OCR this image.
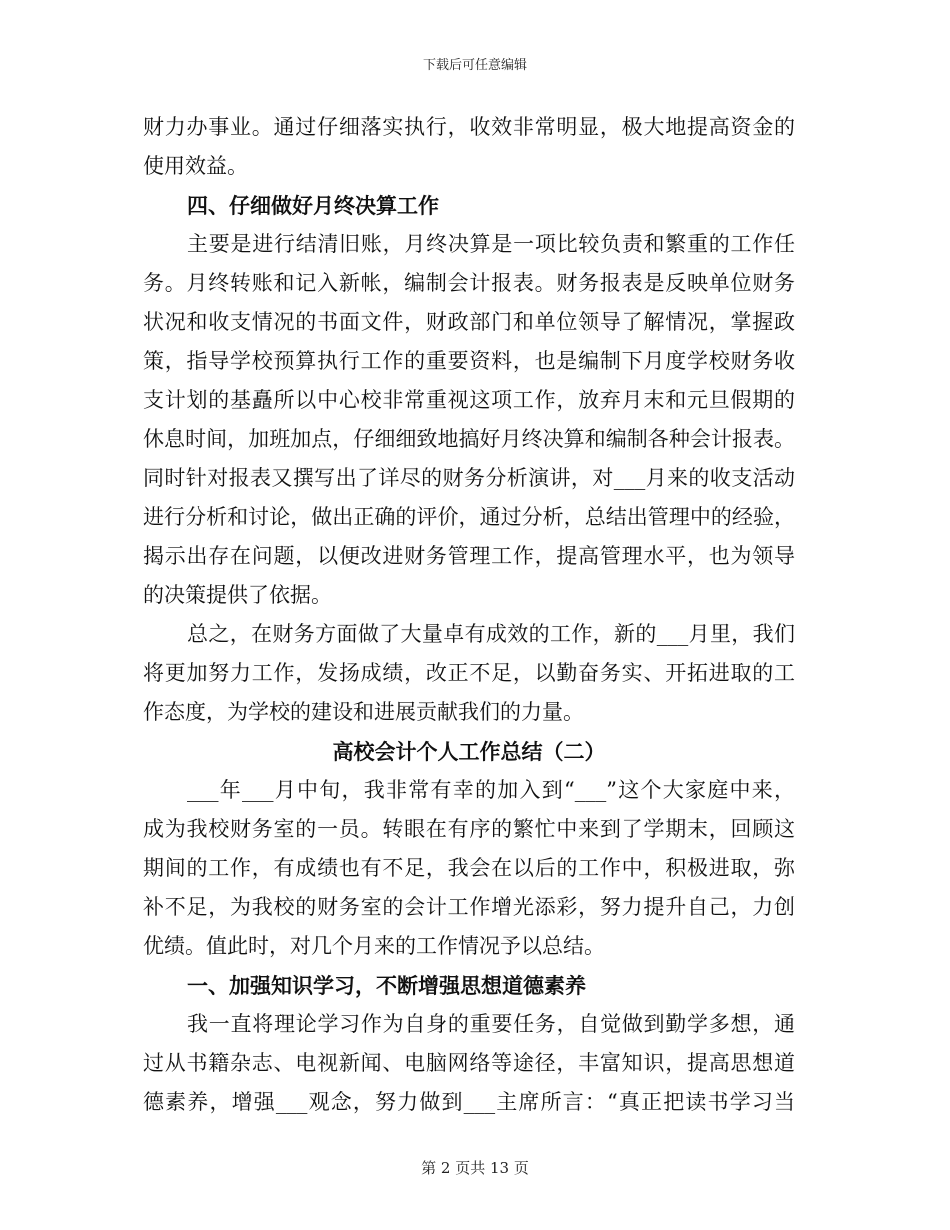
下载后可任意编辑
财力办事业。通过仔细落实执行，收效非常明显，极大地提高资金的
使用效益。
四、仔细做好月终决算工作
主要是进行结清旧账，月终决算是一项比较负责和繁重的工作任
务。月终转账和记入新帐，编制会计报表。财务报表是反映单位财务
状况和收支情况的书面文件，财政部门和单位领导了解情况，掌握政
策，指导学校预算执行工作的重要资料，也是编制下月度学校财务收
支计划的基矗所以中心校非常重视这项工作，放弃月末和元旦假期的
休息时间，加班加点，仔细细致地搞好月终决算和编制各种会计报表。
同时针对报表又撰写出了详尽的财务分析演讲，对___月来的收支活动
进行分析和讨论，做出正确的评价，通过分析，总结出管理中的经验，
揭示出存在问题，以便改进财务管理工作，提高管理水平，也为领导
的决策提供了依据。
总之，在财务方面做了大量卓有成效的工作，新的___月里，我们
将更加努力工作，发扬成绩，改正不足，以勤奋务实、开拓进取的工
作态度，为学校的建设和进展贡献我们的力量。
高校会计个人工作总结（二）
___年___月中旬，我非常有幸的加入到“___”这个大家庭中来，
成为我校财务室的一员。转眼在有序的繁忙中来到了学期末，回顾这
期间的工作，有成绩也有不足，我会在以后的工作中，积极进取，弥
补不足，为我校的财务室的会计工作增光添彩，努力提升自己，力创
优绩。值此时，对几个月来的工作情况予以总结。
一、加强知识学习，不断增强思想道德素养
我一直将理论学习作为自身的重要任务，自觉做到勤学多想，通
过从书籍杂志、电视新闻、电脑网络等途径，丰富知识，提高思想道
德素养，增强___观念，努力做到___主席所言：“真正把读书学习当
第 2 页共 13 页
